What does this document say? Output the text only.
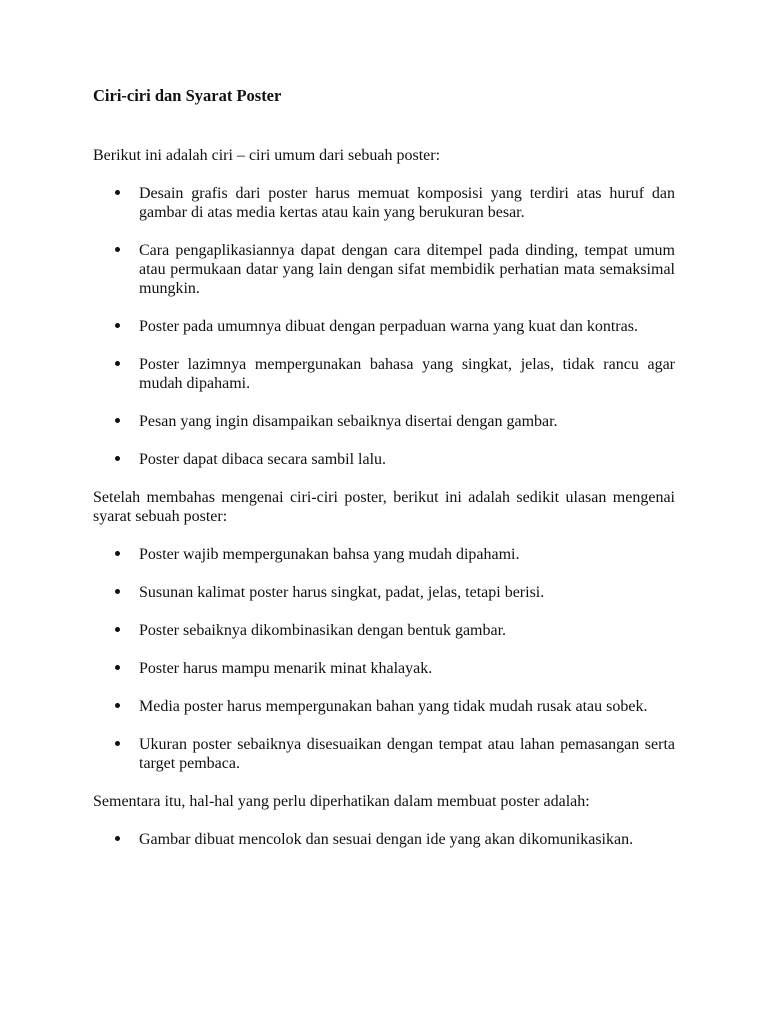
Ciri-ciri dan Syarat Poster

Berikut ini adalah ciri – ciri umum dari sebuah poster:

Desain grafis dari poster harus memuat komposisi yang terdiri atas huruf dan gambar di atas media kertas atau kain yang berukuran besar.
Cara pengaplikasiannya dapat dengan cara ditempel pada dinding, tempat umum atau permukaan datar yang lain dengan sifat membidik perhatian mata semaksimal mungkin.
Poster pada umumnya dibuat dengan perpaduan warna yang kuat dan kontras.
Poster lazimnya mempergunakan bahasa yang singkat, jelas, tidak rancu agar mudah dipahami.
Pesan yang ingin disampaikan sebaiknya disertai dengan gambar.
Poster dapat dibaca secara sambil lalu.

Setelah membahas mengenai ciri-ciri poster, berikut ini adalah sedikit ulasan mengenai syarat sebuah poster:

Poster wajib mempergunakan bahsa yang mudah dipahami.
Susunan kalimat poster harus singkat, padat, jelas, tetapi berisi.
Poster sebaiknya dikombinasikan dengan bentuk gambar.
Poster harus mampu menarik minat khalayak.
Media poster harus mempergunakan bahan yang tidak mudah rusak atau sobek.
Ukuran poster sebaiknya disesuaikan dengan tempat atau lahan pemasangan serta target pembaca.

Sementara itu, hal-hal yang perlu diperhatikan dalam membuat poster adalah:

Gambar dibuat mencolok dan sesuai dengan ide yang akan dikomunikasikan.
